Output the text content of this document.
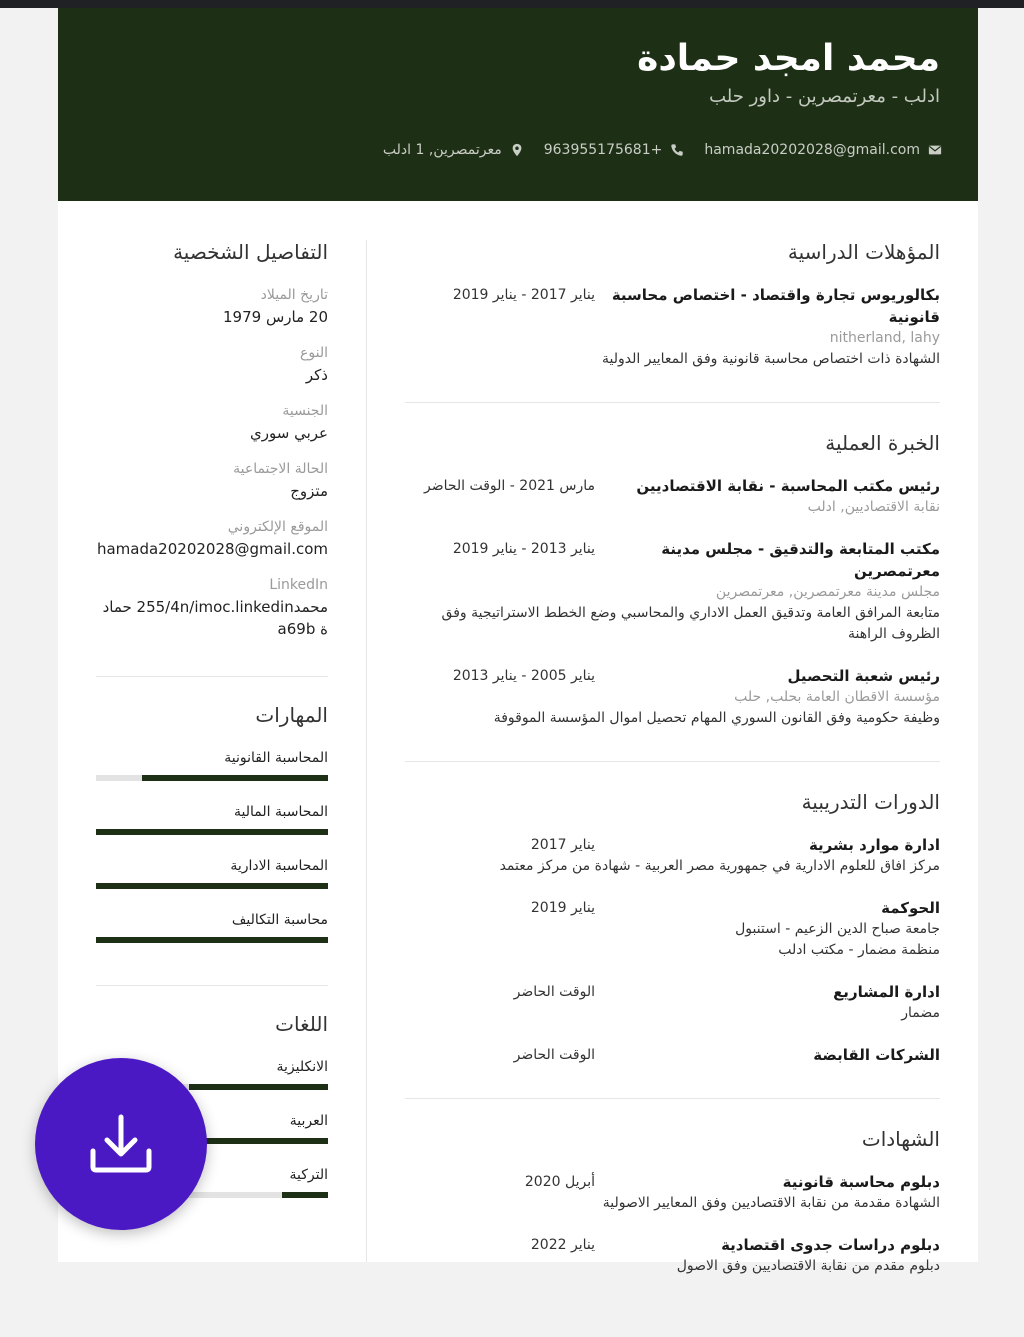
محمد امجد حمادة
ادلب - معرتمصرين - داور حلب
hamada20202028@gmail.com
963955175681+
معرتمصرين, 1 ادلب
المؤهلات الدراسية
بكالوريوس تجارة واقتصاد - اختصاص محاسبة قانونية
يناير 2017 - يناير 2019
nitherland, lahy
الشهادة ذات اختصاص محاسبة قانونية وفق المعايير الدولية
الخبرة العملية
رئيس مكتب المحاسبة - نقابة الاقتصاديين
مارس 2021 - الوقت الحاضر
نقابة الاقتصاديين, ادلب
مكتب المتابعة والتدقيق - مجلس مدينة معرتمصرين
يناير 2013 - يناير 2019
مجلس مدينة معرتمصرين, معرتمصرين
متابعة المرافق العامة وتدقيق العمل الاداري والمحاسبي وضع الخطط الاستراتيجية وفق الظروف الراهنة
رئيس شعبة التحصيل
يناير 2005 - يناير 2013
مؤسسة الاقطان العامة بحلب, حلب
وظيفة حكومية وفق القانون السوري المهام تحصيل اموال المؤسسة الموقوفة
الدورات التدريبية
ادارة موارد بشرية
يناير 2017
مركز افاق للعلوم الادارية في جمهورية مصر العربية - شهادة من مركز معتمد
الحوكمة
يناير 2019
جامعة صباح الدين الزعيم - استنبول
منظمة مضمار - مكتب ادلب
ادارة المشاريع
الوقت الحاضر
مضمار
الشركات القابضة
الوقت الحاضر
الشهادات
دبلوم محاسبة قانونية
أبريل 2020
الشهادة مقدمة من نقابة الاقتصاديين وفق المعايير الاصولية
دبلوم دراسات جدوى اقتصادية
يناير 2022
دبلوم مقدم من نقابة الاقتصاديين وفق الاصول
التفاصيل الشخصية
تاريخ الميلاد
20 مارس 1979
النوع
ذكر
الجنسية
عربي سوري
الحالة الاجتماعية
متزوج
الموقع الإلكتروني
hamada20202028@gmail.com
LinkedIn
محمد255/4n/imoc.linkedin حمادة a69b
المهارات
المحاسبة القانونية
المحاسبة المالية
المحاسبة الادارية
محاسبة التكاليف
اللغات
الانكليزية
العربية
التركية
